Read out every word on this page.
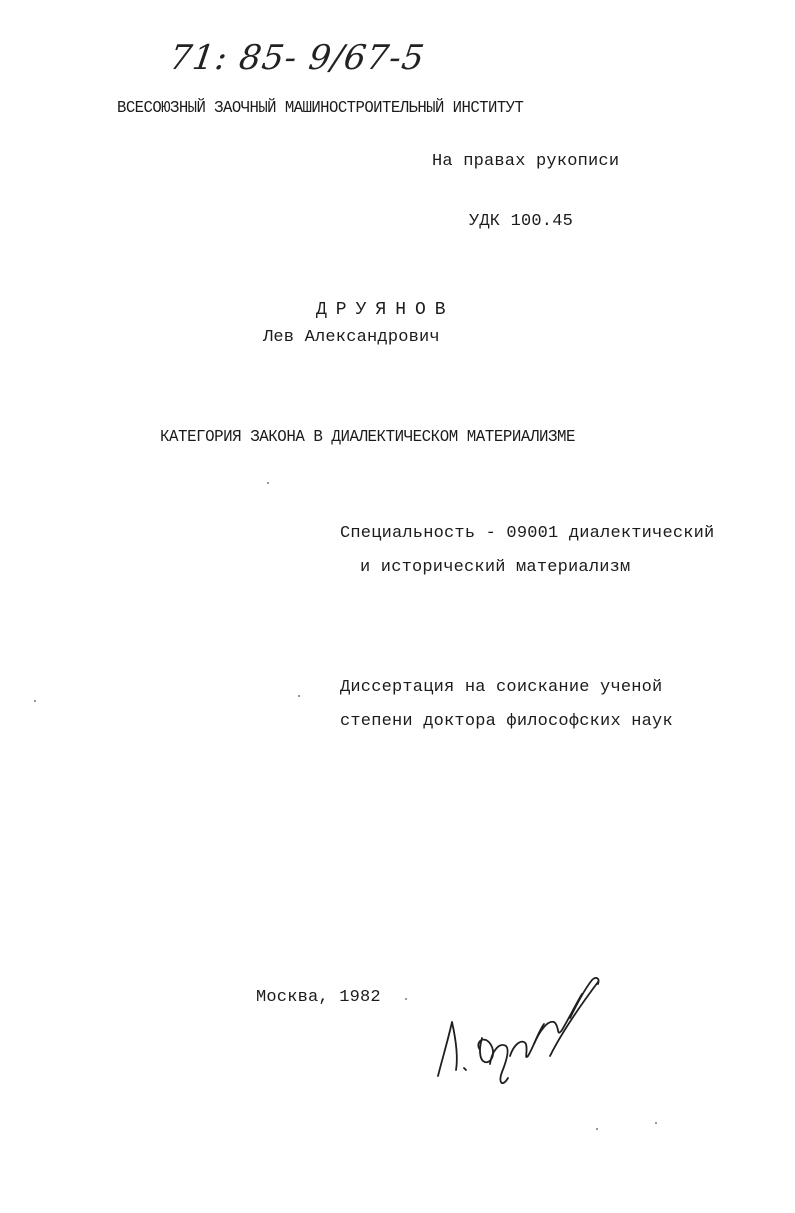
71: 85- 9/67-5
ВСЕСОЮЗНЫЙ ЗАОЧНЫЙ МАШИНОСТРОИТЕЛЬНЫЙ ИНСТИТУТ
На правах рукописи
УДК 100.45
ДРУЯНОВ
Лев Александрович
КАТЕГОРИЯ ЗАКОНА В ДИАЛЕКТИЧЕСКОМ МАТЕРИАЛИЗМЕ
Специальность - 09001 диалектический
и исторический материализм
Диссертация на соискание ученой
степени доктора философских наук
Москва, 1982
